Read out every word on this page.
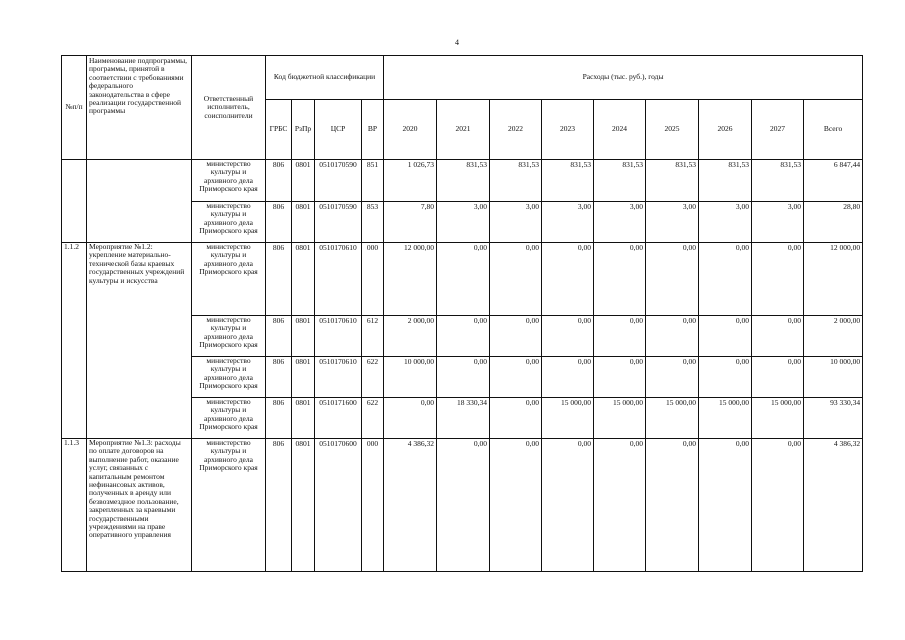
4
№п/п	Наименование подпрограммы, программы, принятой в соответствии с требованиями федерального законодательства в сфере реализации государственной программы	Ответственный исполнитель, соисполнители	Код бюджетной классификации				Расходы (тыс. руб.), годы								
			ГРБС	РзПр	ЦСР	ВР	2020	2021	2022	2023	2024	2025	2026	2027	Всего
		министерство культуры и архивного дела Приморского края	806	0801	0510170590	851	1 026,73	831,53	831,53	831,53	831,53	831,53	831,53	831,53	6 847,44
		министерство культуры и архивного дела Приморского края	806	0801	0510170590	853	7,80	3,00	3,00	3,00	3,00	3,00	3,00	3,00	28,80
1.1.2	Мероприятие №1.2: укрепление материально-технической базы краевых государственных учреждений культуры и искусства	министерство культуры и архивного дела Приморского края	806	0801	0510170610	000	12 000,00	0,00	0,00	0,00	0,00	0,00	0,00	0,00	12 000,00
		министерство культуры и архивного дела Приморского края	806	0801	0510170610	612	2 000,00	0,00	0,00	0,00	0,00	0,00	0,00	0,00	2 000,00
		министерство культуры и архивного дела Приморского края	806	0801	0510170610	622	10 000,00	0,00	0,00	0,00	0,00	0,00	0,00	0,00	10 000,00
		министерство культуры и архивного дела Приморского края	806	0801	0510171600	622	0,00	18 330,34	0,00	15 000,00	15 000,00	15 000,00	15 000,00	15 000,00	93 330,34
1.1.3	Мероприятие №1.3: расходы по оплате договоров на выполнение работ, оказание услуг, связанных с капитальным ремонтом нефинансовых активов, полученных в аренду или безвозмездное пользование, закрепленных за краевыми государственными учреждениями на праве оперативного управления	министерство культуры и архивного дела Приморского края	806	0801	0510170600	000	4 386,32	0,00	0,00	0,00	0,00	0,00	0,00	0,00	4 386,32
